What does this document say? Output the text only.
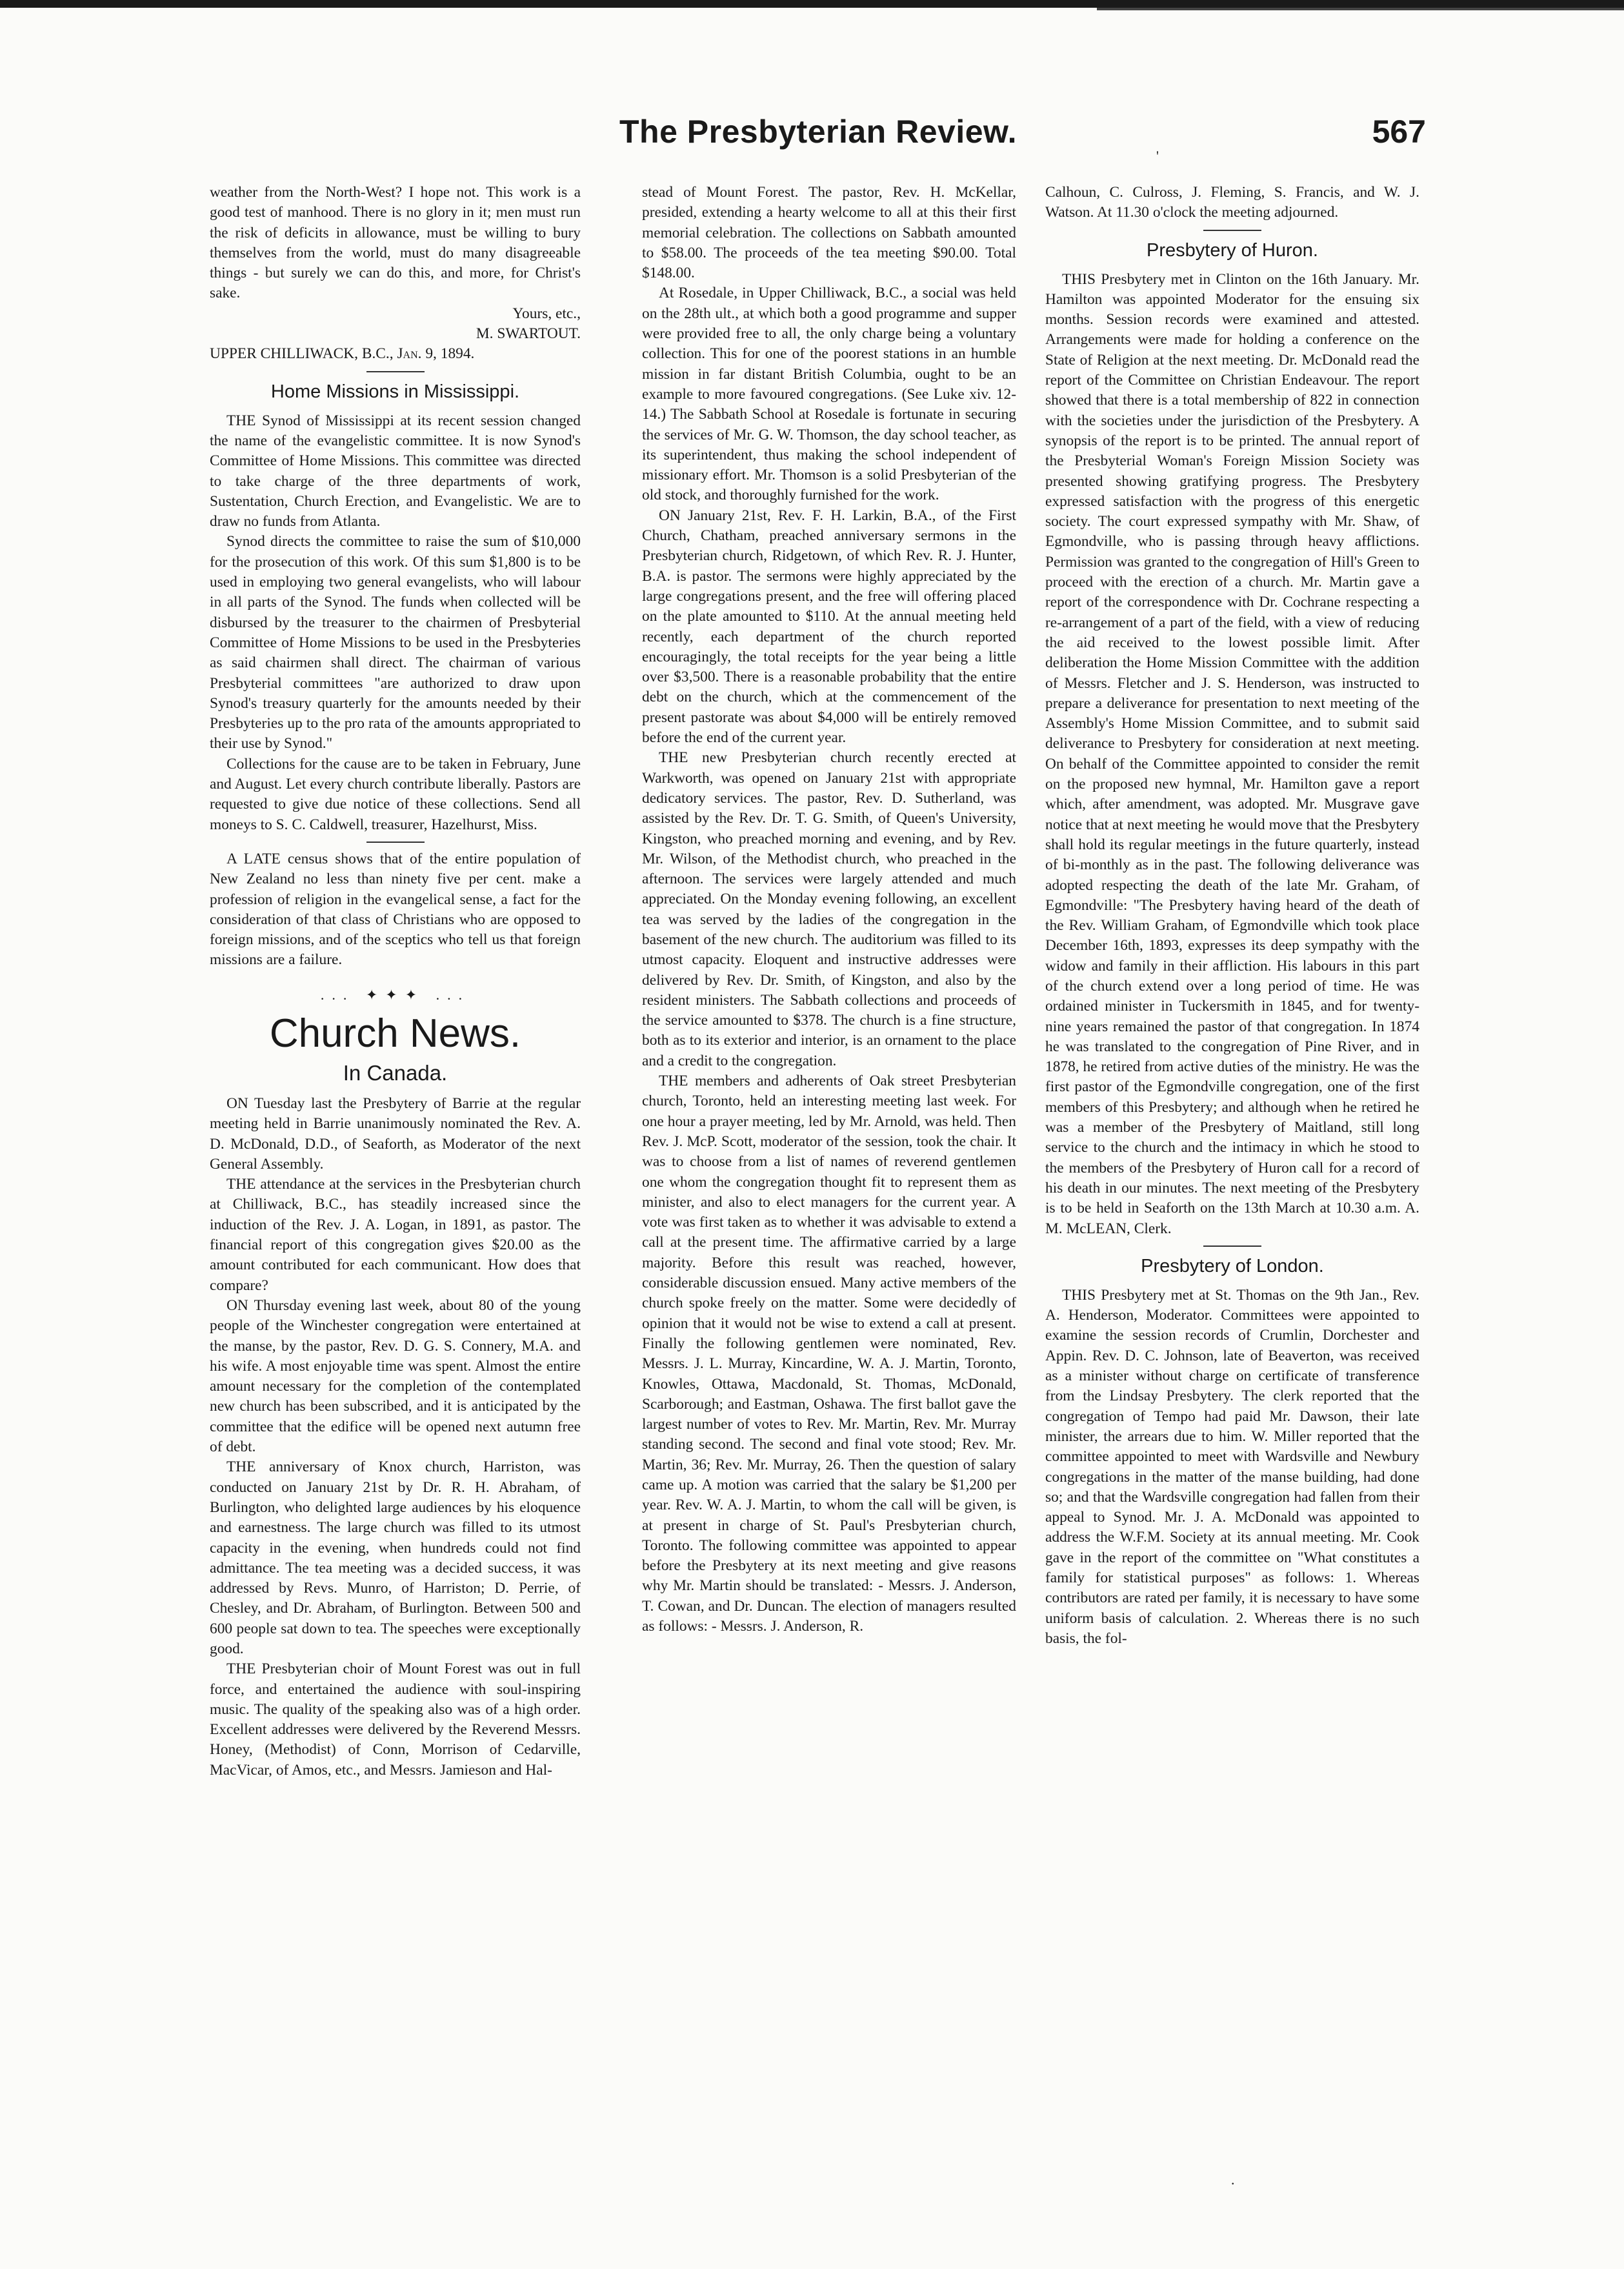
The Presbyterian Review.	567
'

weather from the North-West? I hope not. This work is a good test of manhood. There is no glory in it; men must run the risk of deficits in allowance, must be willing to bury themselves from the world, must do many disagreeable things - but surely we can do this, and more, for Christ's sake.

Yours, etc.,

M. SWARTOUT.

UPPER CHILLIWACK, B.C., Jan. 9, 1894.

Home Missions in Mississippi.

THE Synod of Mississippi at its recent session changed the name of the evangelistic committee. It is now Synod's Committee of Home Missions. This committee was directed to take charge of the three departments of work, Sustentation, Church Erection, and Evangelistic. We are to draw no funds from Atlanta.

Synod directs the committee to raise the sum of $10,000 for the prosecution of this work. Of this sum $1,800 is to be used in employing two general evangelists, who will labour in all parts of the Synod. The funds when collected will be disbursed by the treasurer to the chairmen of Presbyterial Committee of Home Missions to be used in the Presbyteries as said chairmen shall direct. The chairman of various Presbyterial committees "are authorized to draw upon Synod's treasury quarterly for the amounts needed by their Presbyteries up to the pro rata of the amounts appropriated to their use by Synod."

Collections for the cause are to be taken in February, June and August. Let every church contribute liberally. Pastors are requested to give due notice of these collections. Send all moneys to S. C. Caldwell, treasurer, Hazelhurst, Miss.

A LATE census shows that of the entire population of New Zealand no less than ninety five per cent. make a profession of religion in the evangelical sense, a fact for the consideration of that class of Christians who are opposed to foreign missions, and of the sceptics who tell us that foreign missions are a failure.

... ✦✦✦ ...
Church News.
In Canada.

ON Tuesday last the Presbytery of Barrie at the regular meeting held in Barrie unanimously nominated the Rev. A. D. McDonald, D.D., of Seaforth, as Moderator of the next General Assembly.

THE attendance at the services in the Presbyterian church at Chilliwack, B.C., has steadily increased since the induction of the Rev. J. A. Logan, in 1891, as pastor. The financial report of this congregation gives $20.00 as the amount contributed for each communicant. How does that compare?

ON Thursday evening last week, about 80 of the young people of the Winchester congregation were entertained at the manse, by the pastor, Rev. D. G. S. Connery, M.A. and his wife. A most enjoyable time was spent. Almost the entire amount necessary for the completion of the contemplated new church has been subscribed, and it is anticipated by the committee that the edifice will be opened next autumn free of debt.

THE anniversary of Knox church, Harriston, was conducted on January 21st by Dr. R. H. Abraham, of Burlington, who delighted large audiences by his eloquence and earnestness. The large church was filled to its utmost capacity in the evening, when hundreds could not find admittance. The tea meeting was a decided success, it was addressed by Revs. Munro, of Harriston; D. Perrie, of Chesley, and Dr. Abraham, of Burlington. Between 500 and 600 people sat down to tea. The speeches were exceptionally good.

THE Presbyterian choir of Mount Forest was out in full force, and entertained the audience with soul-inspiring music. The quality of the speaking also was of a high order. Excellent addresses were delivered by the Reverend Messrs. Honey, (Methodist) of Conn, Morrison of Cedarville, MacVicar, of Amos, etc., and Messrs. Jamieson and Hal-

stead of Mount Forest. The pastor, Rev. H. McKellar, presided, extending a hearty welcome to all at this their first memorial celebration. The collections on Sabbath amounted to $58.00. The proceeds of the tea meeting $90.00. Total $148.00.

At Rosedale, in Upper Chilliwack, B.C., a social was held on the 28th ult., at which both a good programme and supper were provided free to all, the only charge being a voluntary collection. This for one of the poorest stations in an humble mission in far distant British Columbia, ought to be an example to more favoured congregations. (See Luke xiv. 12-14.) The Sabbath School at Rosedale is fortunate in securing the services of Mr. G. W. Thomson, the day school teacher, as its superintendent, thus making the school independent of missionary effort. Mr. Thomson is a solid Presbyterian of the old stock, and thoroughly furnished for the work.

ON January 21st, Rev. F. H. Larkin, B.A., of the First Church, Chatham, preached anniversary sermons in the Presbyterian church, Ridgetown, of which Rev. R. J. Hunter, B.A. is pastor. The sermons were highly appreciated by the large congregations present, and the free will offering placed on the plate amounted to $110. At the annual meeting held recently, each department of the church reported encouragingly, the total receipts for the year being a little over $3,500. There is a reasonable probability that the entire debt on the church, which at the commencement of the present pastorate was about $4,000 will be entirely removed before the end of the current year.

THE new Presbyterian church recently erected at Warkworth, was opened on January 21st with appropriate dedicatory services. The pastor, Rev. D. Sutherland, was assisted by the Rev. Dr. T. G. Smith, of Queen's University, Kingston, who preached morning and evening, and by Rev. Mr. Wilson, of the Methodist church, who preached in the afternoon. The services were largely attended and much appreciated. On the Monday evening following, an excellent tea was served by the ladies of the congregation in the basement of the new church. The auditorium was filled to its utmost capacity. Eloquent and instructive addresses were delivered by Rev. Dr. Smith, of Kingston, and also by the resident ministers. The Sabbath collections and proceeds of the service amounted to $378. The church is a fine structure, both as to its exterior and interior, is an ornament to the place and a credit to the congregation.

THE members and adherents of Oak street Presbyterian church, Toronto, held an interesting meeting last week. For one hour a prayer meeting, led by Mr. Arnold, was held. Then Rev. J. McP. Scott, moderator of the session, took the chair. It was to choose from a list of names of reverend gentlemen one whom the congregation thought fit to represent them as minister, and also to elect managers for the current year. A vote was first taken as to whether it was advisable to extend a call at the present time. The affirmative carried by a large majority. Before this result was reached, however, considerable discussion ensued. Many active members of the church spoke freely on the matter. Some were decidedly of opinion that it would not be wise to extend a call at present. Finally the following gentlemen were nominated, Rev. Messrs. J. L. Murray, Kincardine, W. A. J. Martin, Toronto, Knowles, Ottawa, Macdonald, St. Thomas, McDonald, Scarborough; and Eastman, Oshawa. The first ballot gave the largest number of votes to Rev. Mr. Martin, Rev. Mr. Murray standing second. The second and final vote stood; Rev. Mr. Martin, 36; Rev. Mr. Murray, 26. Then the question of salary came up. A motion was carried that the salary be $1,200 per year. Rev. W. A. J. Martin, to whom the call will be given, is at present in charge of St. Paul's Presbyterian church, Toronto. The following committee was appointed to appear before the Presbytery at its next meeting and give reasons why Mr. Martin should be translated: - Messrs. J. Anderson, T. Cowan, and Dr. Duncan. The election of managers resulted as follows: - Messrs. J. Anderson, R.

Calhoun, C. Culross, J. Fleming, S. Francis, and W. J. Watson. At 11.30 o'clock the meeting adjourned.

Presbytery of Huron.

THIS Presbytery met in Clinton on the 16th January. Mr. Hamilton was appointed Moderator for the ensuing six months. Session records were examined and attested. Arrangements were made for holding a conference on the State of Religion at the next meeting. Dr. McDonald read the report of the Committee on Christian Endeavour. The report showed that there is a total membership of 822 in connection with the societies under the jurisdiction of the Presbytery. A synopsis of the report is to be printed. The annual report of the Presbyterial Woman's Foreign Mission Society was presented showing gratifying progress. The Presbytery expressed satisfaction with the progress of this energetic society. The court expressed sympathy with Mr. Shaw, of Egmondville, who is passing through heavy afflictions. Permission was granted to the congregation of Hill's Green to proceed with the erection of a church. Mr. Martin gave a report of the correspondence with Dr. Cochrane respecting a re-arrangement of a part of the field, with a view of reducing the aid received to the lowest possible limit. After deliberation the Home Mission Committee with the addition of Messrs. Fletcher and J. S. Henderson, was instructed to prepare a deliverance for presentation to next meeting of the Assembly's Home Mission Committee, and to submit said deliverance to Presbytery for consideration at next meeting. On behalf of the Committee appointed to consider the remit on the proposed new hymnal, Mr. Hamilton gave a report which, after amendment, was adopted. Mr. Musgrave gave notice that at next meeting he would move that the Presbytery shall hold its regular meetings in the future quarterly, instead of bi-monthly as in the past. The following deliverance was adopted respecting the death of the late Mr. Graham, of Egmondville: "The Presbytery having heard of the death of the Rev. William Graham, of Egmondville which took place December 16th, 1893, expresses its deep sympathy with the widow and family in their affliction. His labours in this part of the church extend over a long period of time. He was ordained minister in Tuckersmith in 1845, and for twenty-nine years remained the pastor of that congregation. In 1874 he was translated to the congregation of Pine River, and in 1878, he retired from active duties of the ministry. He was the first pastor of the Egmondville congregation, one of the first members of this Presbytery; and although when he retired he was a member of the Presbytery of Maitland, still long service to the church and the intimacy in which he stood to the members of the Presbytery of Huron call for a record of his death in our minutes. The next meeting of the Presbytery is to be held in Seaforth on the 13th March at 10.30 a.m. A. M. McLEAN, Clerk.

Presbytery of London.

THIS Presbytery met at St. Thomas on the 9th Jan., Rev. A. Henderson, Moderator. Committees were appointed to examine the session records of Crumlin, Dorchester and Appin. Rev. D. C. Johnson, late of Beaverton, was received as a minister without charge on certificate of transference from the Lindsay Presbytery. The clerk reported that the congregation of Tempo had paid Mr. Dawson, their late minister, the arrears due to him. W. Miller reported that the committee appointed to meet with Wardsville and Newbury congregations in the matter of the manse building, had done so; and that the Wardsville congregation had fallen from their appeal to Synod. Mr. J. A. McDonald was appointed to address the W.F.M. Society at its annual meeting. Mr. Cook gave in the report of the committee on "What constitutes a family for statistical purposes" as follows: 1. Whereas contributors are rated per family, it is necessary to have some uniform basis of calculation. 2. Whereas there is no such basis, the fol-

.
